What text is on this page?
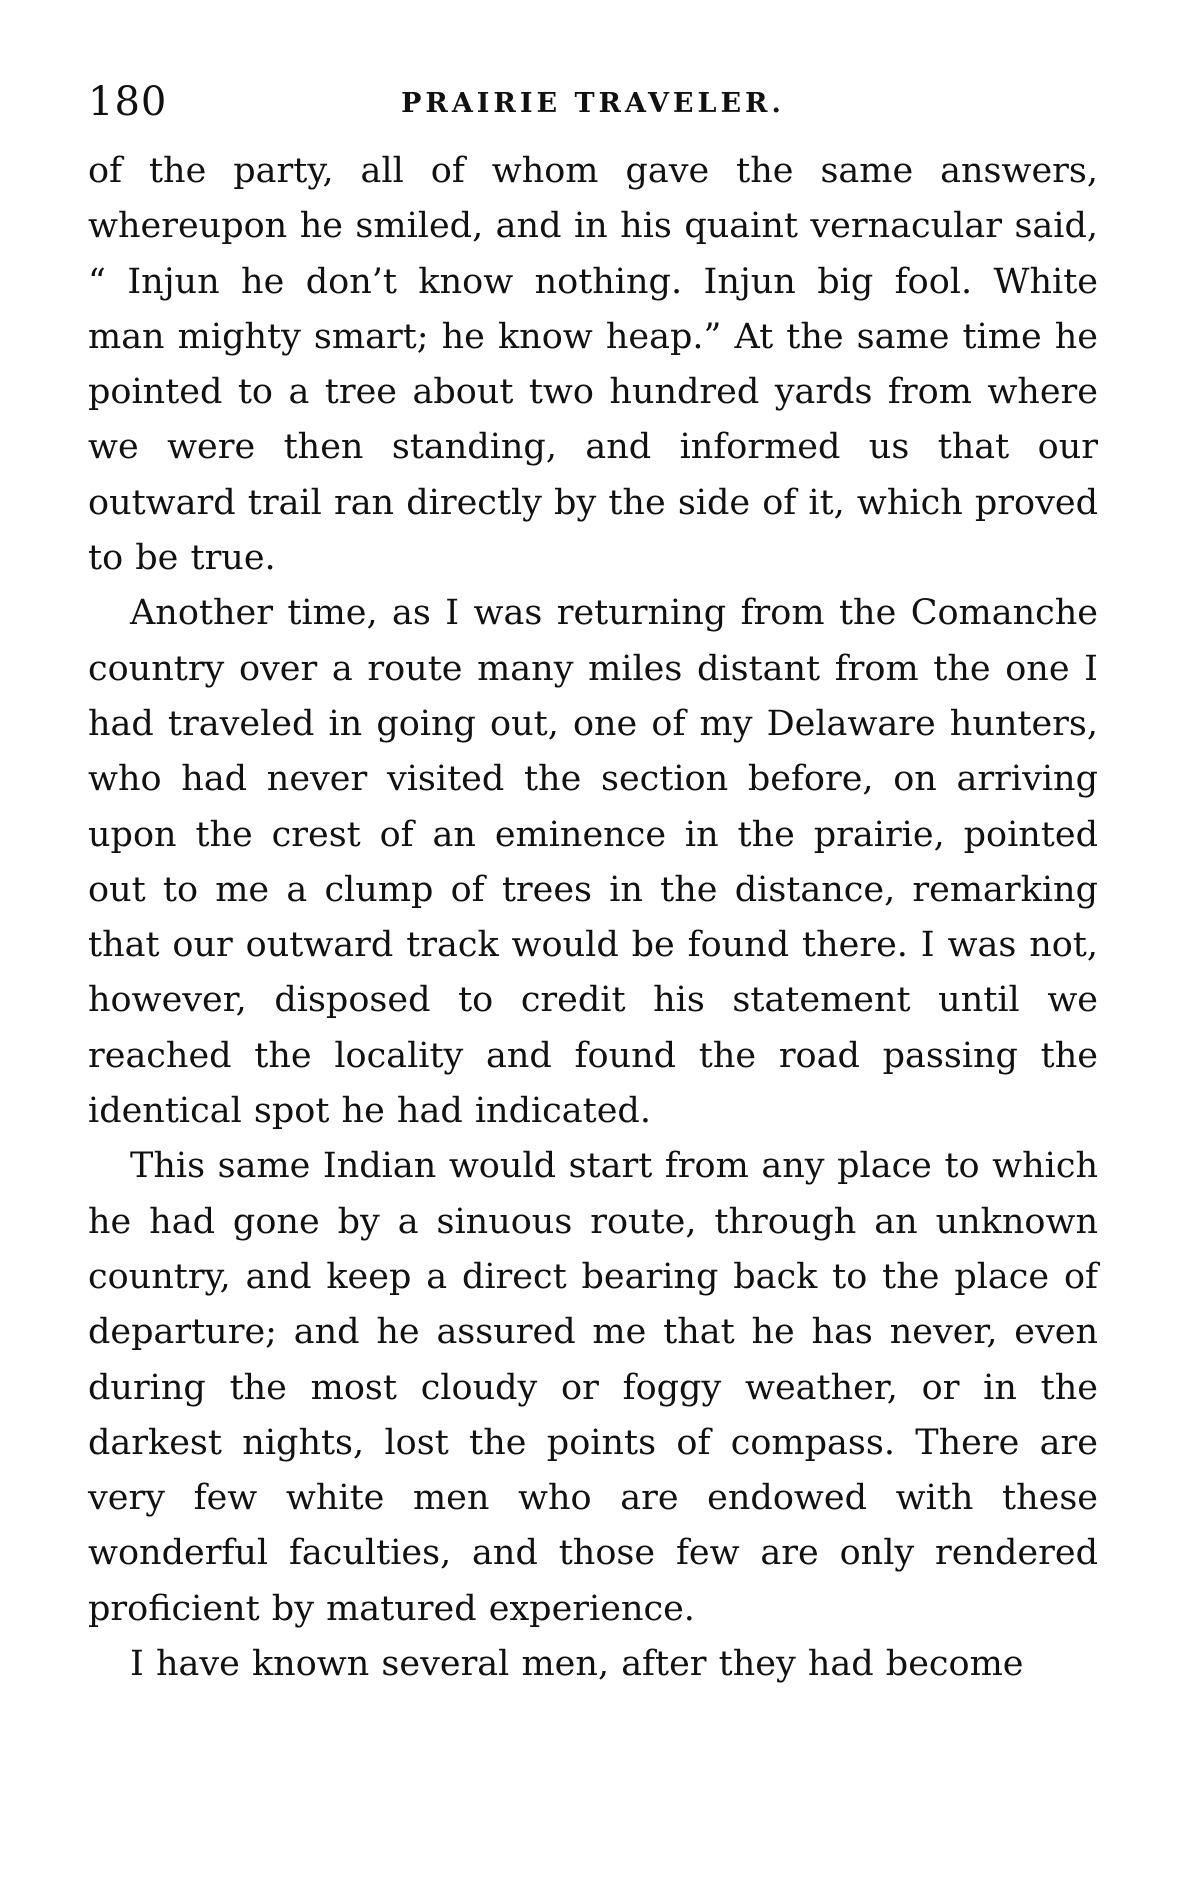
180	PRAIRIE TRAVELER.

of the party, all of whom gave the same answers, whereupon he smiled, and in his quaint vernacular said, “ Injun he don’t know nothing. Injun big fool. White man mighty smart; he know heap.” At the same time he pointed to a tree about two hundred yards from where we were then standing, and informed us that our outward trail ran directly by the side of it, which proved to be true.

Another time, as I was returning from the Comanche country over a route many miles distant from the one I had traveled in going out, one of my Delaware hunters, who had never visited the section before, on arriving upon the crest of an eminence in the prairie, pointed out to me a clump of trees in the distance, remarking that our outward track would be found there. I was not, however, disposed to credit his statement until we reached the locality and found the road passing the identical spot he had indicated.

This same Indian would start from any place to which he had gone by a sinuous route, through an unknown country, and keep a direct bearing back to the place of departure; and he assured me that he has never, even during the most cloudy or foggy weather, or in the darkest nights, lost the points of compass. There are very few white men who are endowed with these wonderful faculties, and those few are only rendered proficient by matured experience.

I have known several men, after they had become
